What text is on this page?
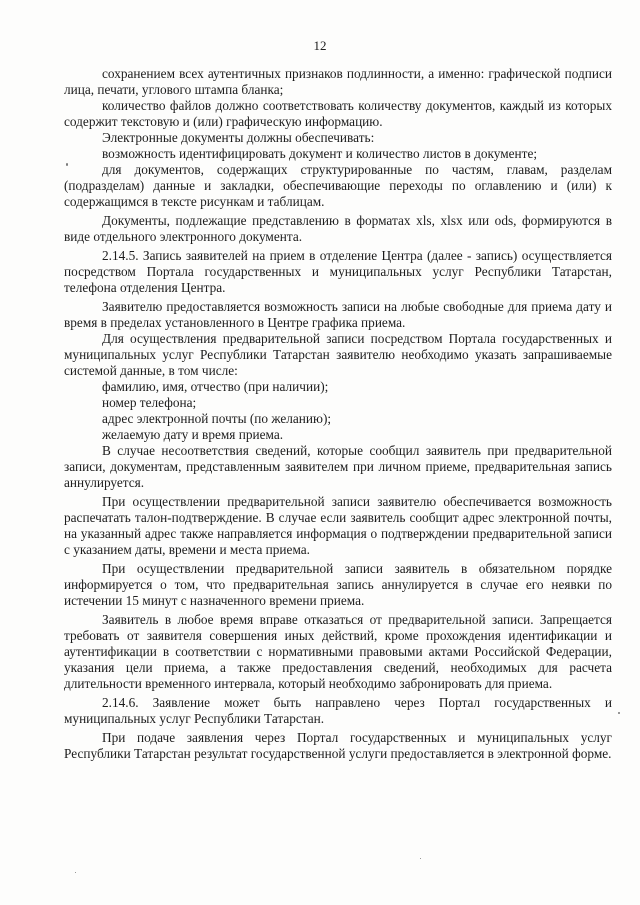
12

сохранением всех аутентичных признаков подлинности, а именно: графической подписи лица, печати, углового штампа бланка;

количество файлов должно соответствовать количеству документов, каждый из которых содержит текстовую и (или) графическую информацию.

Электронные документы должны обеспечивать:

возможность идентифицировать документ и количество листов в документе;

для документов, содержащих структурированные по частям, главам, разделам (подразделам) данные и закладки, обеспечивающие переходы по оглавлению и (или) к содержащимся в тексте рисункам и таблицам.

Документы, подлежащие представлению в форматах xls, xlsx или ods, формируются в виде отдельного электронного документа.

2.14.5. Запись заявителей на прием в отделение Центра (далее - запись) осуществляется посредством Портала государственных и муниципальных услуг Республики Татарстан, телефона отделения Центра.

Заявителю предоставляется возможность записи на любые свободные для приема дату и время в пределах установленного в Центре графика приема.

Для осуществления предварительной записи посредством Портала государственных и муниципальных услуг Республики Татарстан заявителю необходимо указать запрашиваемые системой данные, в том числе:

фамилию, имя, отчество (при наличии);

номер телефона;

адрес электронной почты (по желанию);

желаемую дату и время приема.

В случае несоответствия сведений, которые сообщил заявитель при предварительной записи, документам, представленным заявителем при личном приеме, предварительная запись аннулируется.

При осуществлении предварительной записи заявителю обеспечивается возможность распечатать талон-подтверждение. В случае если заявитель сообщит адрес электронной почты, на указанный адрес также направляется информация о подтверждении предварительной записи с указанием даты, времени и места приема.

При осуществлении предварительной записи заявитель в обязательном порядке информируется о том, что предварительная запись аннулируется в случае его неявки по истечении 15 минут с назначенного времени приема.

Заявитель в любое время вправе отказаться от предварительной записи. Запрещается требовать от заявителя совершения иных действий, кроме прохождения идентификации и аутентификации в соответствии с нормативными правовыми актами Российской Федерации, указания цели приема, а также предоставления сведений, необходимых для расчета длительности временного интервала, который необходимо забронировать для приема.

2.14.6. Заявление может быть направлено через Портал государственных и муниципальных услуг Республики Татарстан.

При подаче заявления через Портал государственных и муниципальных услуг Республики Татарстан результат государственной услуги предоставляется в электронной форме.
